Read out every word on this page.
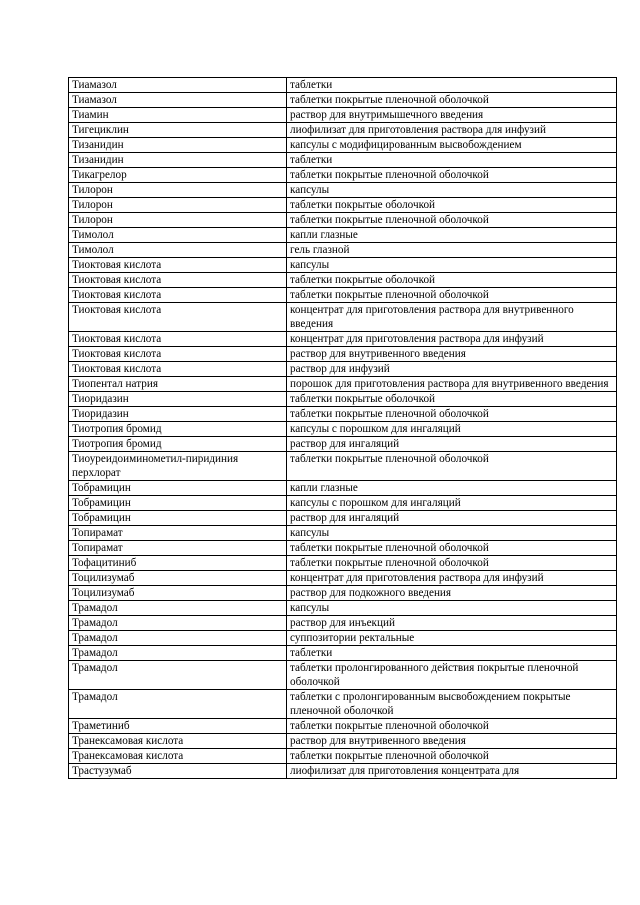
Тиамазол	таблетки
Тиамазол	таблетки покрытые пленочной оболочкой
Тиамин	раствор для внутримышечного введения
Тигециклин	лиофилизат для приготовления раствора для инфузий
Тизанидин	капсулы с модифицированным высвобождением
Тизанидин	таблетки
Тикагрелор	таблетки покрытые пленочной оболочкой
Тилорон	капсулы
Тилорон	таблетки покрытые оболочкой
Тилорон	таблетки покрытые пленочной оболочкой
Тимолол	капли глазные
Тимолол	гель глазной
Тиоктовая кислота	капсулы
Тиоктовая кислота	таблетки покрытые оболочкой
Тиоктовая кислота	таблетки покрытые пленочной оболочкой
Тиоктовая кислота	концентрат для приготовления раствора для внутривенного введения
Тиоктовая кислота	концентрат для приготовления раствора для инфузий
Тиоктовая кислота	раствор для внутривенного введения
Тиоктовая кислота	раствор для инфузий
Тиопентал натрия	порошок для приготовления раствора для внутривенного введения
Тиоридазин	таблетки покрытые оболочкой
Тиоридазин	таблетки покрытые пленочной оболочкой
Тиотропия бромид	капсулы с порошком для ингаляций
Тиотропия бромид	раствор для ингаляций
Тиоуреидоиминометил-пиридиния перхлорат	таблетки покрытые пленочной оболочкой
Тобрамицин	капли глазные
Тобрамицин	капсулы с порошком для ингаляций
Тобрамицин	раствор для ингаляций
Топирамат	капсулы
Топирамат	таблетки покрытые пленочной оболочкой
Тофацитиниб	таблетки покрытые пленочной оболочкой
Тоцилизумаб	концентрат для приготовления раствора для инфузий
Тоцилизумаб	раствор для подкожного введения
Трамадол	капсулы
Трамадол	раствор для инъекций
Трамадол	суппозитории ректальные
Трамадол	таблетки
Трамадол	таблетки пролонгированного действия покрытые пленочной оболочкой
Трамадол	таблетки с пролонгированным высвобождением покрытые пленочной оболочкой
Траметиниб	таблетки покрытые пленочной оболочкой
Транексамовая кислота	раствор для внутривенного введения
Транексамовая кислота	таблетки покрытые пленочной оболочкой
Трастузумаб	лиофилизат для приготовления концентрата для
